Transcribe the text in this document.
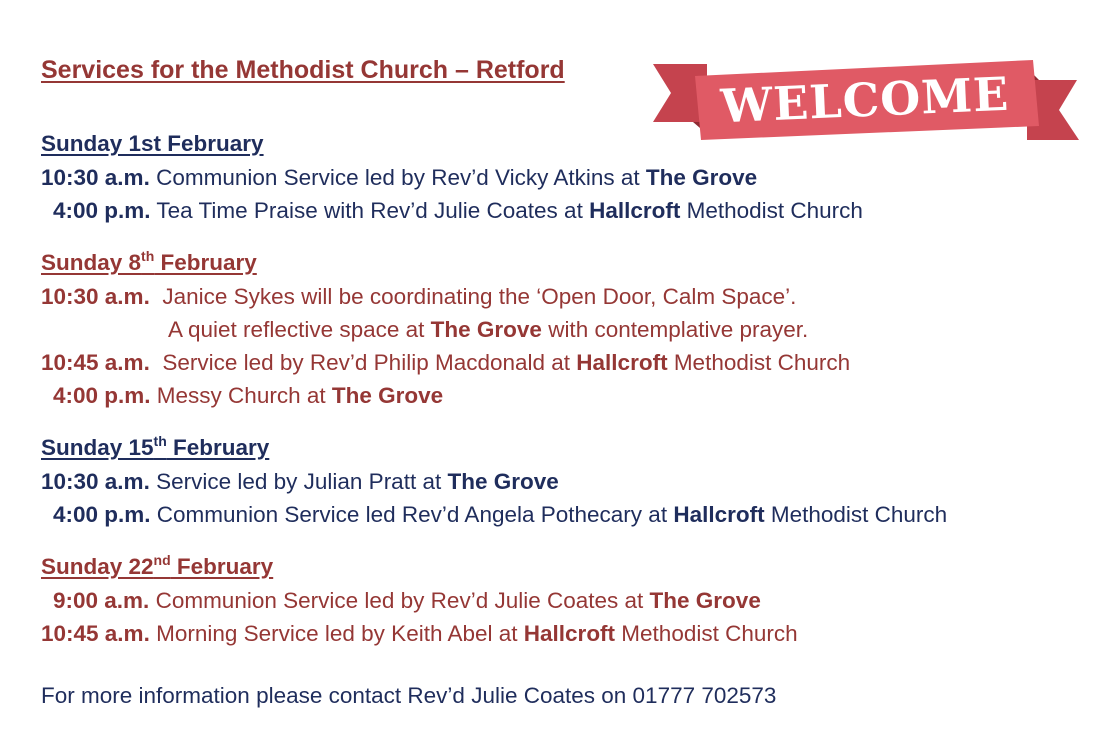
WELCOME
Services for the Methodist Church – Retford
Sunday 1st February
10:30 a.m. Communion Service led by Rev’d Vicky Atkins at The Grove
4:00 p.m. Tea Time Praise with Rev’d Julie Coates at Hallcroft Methodist Church
Sunday 8th February
10:30 a.m.  Janice Sykes will be coordinating the ‘Open Door, Calm Space’.
A quiet reflective space at The Grove with contemplative prayer.
10:45 a.m.  Service led by Rev’d Philip Macdonald at Hallcroft Methodist Church
4:00 p.m. Messy Church at The Grove
Sunday 15th February
10:30 a.m. Service led by Julian Pratt at The Grove
4:00 p.m. Communion Service led Rev’d Angela Pothecary at Hallcroft Methodist Church
Sunday 22nd February
9:00 a.m. Communion Service led by Rev’d Julie Coates at The Grove
10:45 a.m. Morning Service led by Keith Abel at Hallcroft Methodist Church
For more information please contact Rev’d Julie Coates on 01777 702573
